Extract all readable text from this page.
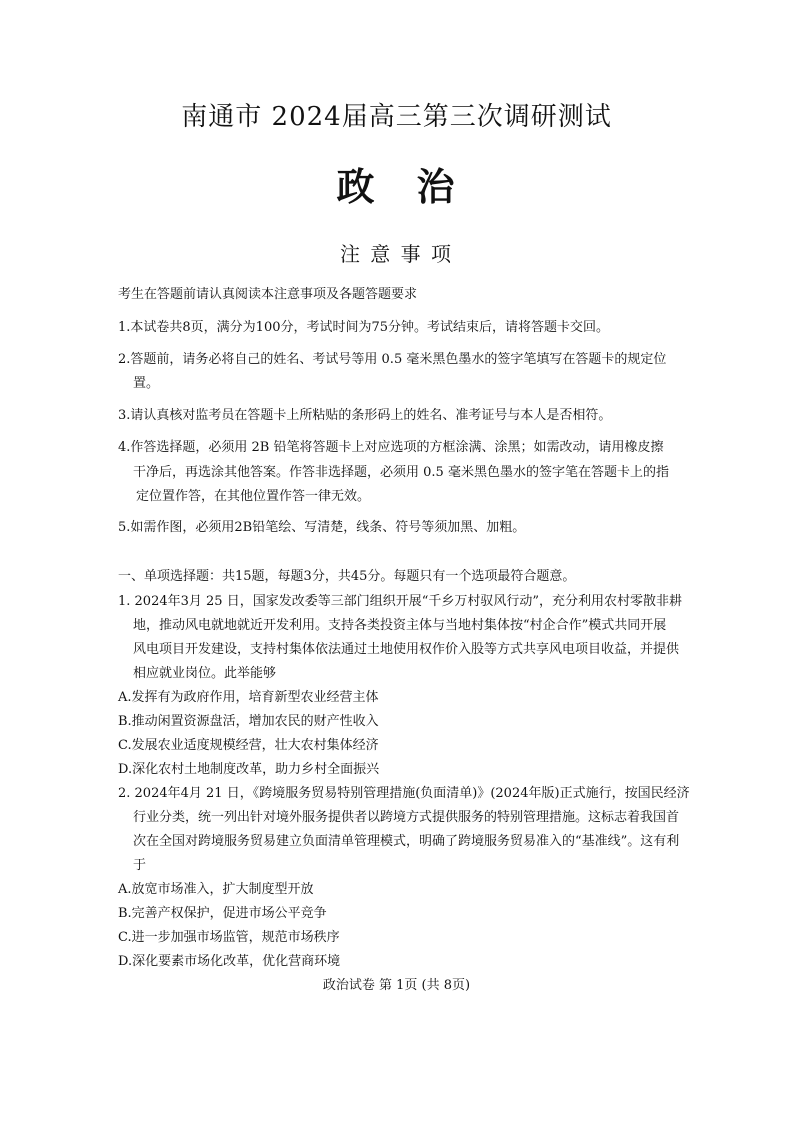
南通市 2024届高三第三次调研测试
政　治
注 意 事 项
考生在答题前请认真阅读本注意事项及各题答题要求
1.本试卷共8页，满分为100分，考试时间为75分钟。考试结束后，请将答题卡交回。
2.答题前，请务必将自己的姓名、考试号等用 0.5 毫米黑色墨水的签字笔填写在答题卡的规定位
置。
3.请认真核对监考员在答题卡上所粘贴的条形码上的姓名、准考证号与本人是否相符。
4.作答选择题，必须用 2B 铅笔将答题卡上对应选项的方框涂满、涂黑；如需改动，请用橡皮擦
干净后，再选涂其他答案。作答非选择题，必须用 0.5 毫米黑色墨水的签字笔在答题卡上的指
定位置作答，在其他位置作答一律无效。
5.如需作图，必须用2B铅笔绘、写清楚，线条、符号等须加黑、加粗。
一、单项选择题：共15题，每题3分，共45分。每题只有一个选项最符合题意。
1. 2024年3月 25 日，国家发改委等三部门组织开展“千乡万村驭风行动”，充分利用农村零散非耕
地，推动风电就地就近开发利用。支持各类投资主体与当地村集体按“村企合作”模式共同开展
风电项目开发建设，支持村集体依法通过土地使用权作价入股等方式共享风电项目收益，并提供
相应就业岗位。此举能够
A.发挥有为政府作用，培育新型农业经营主体
B.推动闲置资源盘活，增加农民的财产性收入
C.发展农业适度规模经营，壮大农村集体经济
D.深化农村土地制度改革，助力乡村全面振兴
2. 2024年4月 21 日，《跨境服务贸易特别管理措施(负面清单)》(2024年版)正式施行，按国民经济
行业分类，统一列出针对境外服务提供者以跨境方式提供服务的特别管理措施。这标志着我国首
次在全国对跨境服务贸易建立负面清单管理模式，明确了跨境服务贸易准入的“基准线”。这有利
于
A.放宽市场准入，扩大制度型开放
B.完善产权保护，促进市场公平竞争
C.进一步加强市场监管，规范市场秩序
D.深化要素市场化改革，优化营商环境
政治试卷 第 1页 (共 8页)
